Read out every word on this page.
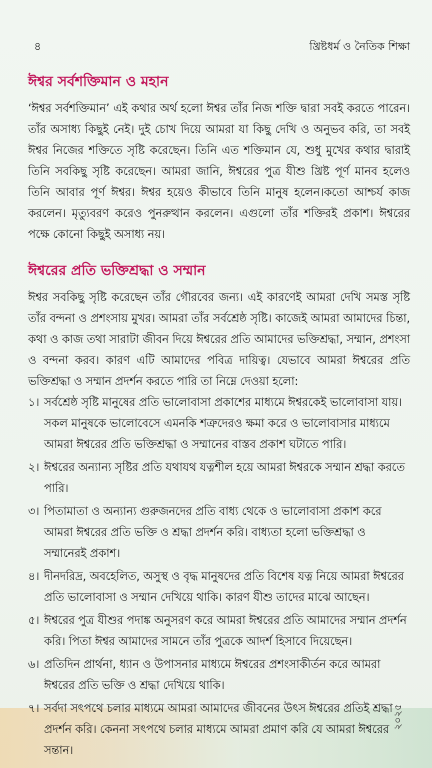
৪	খ্রিষ্টধর্ম ও নৈতিক শিক্ষা
ঈশ্বর সর্বশক্তিমান ও মহান

‘ঈশ্বর সর্বশক্তিমান’ এই কথার অর্থ হলো ঈশ্বর তাঁর নিজ শক্তি দ্বারা সবই করতে পারেন। তাঁর অসাধ্য কিছুই নেই। দুই চোখ দিয়ে আমরা যা কিছু দেখি ও অনুভব করি, তা সবই ঈশ্বর নিজের শক্তিতে সৃষ্টি করেছেন। তিনি এত শক্তিমান যে, শুধু মুখের কথার দ্বারাই তিনি সবকিছু সৃষ্টি করেছেন। আমরা জানি, ঈশ্বরের পুত্র যীশু খ্রিষ্ট পূর্ণ মানব হলেও তিনি আবার পূর্ণ ঈশ্বর। ঈশ্বর হয়েও কীভাবে তিনি মানুষ হলেন।কতো আশ্চর্য কাজ করলেন। মৃত্যুবরণ করেও পুনরুত্থান করলেন। এগুলো তাঁর শক্তিরই প্রকাশ। ঈশ্বরের পক্ষে কোনো কিছুই অসাধ্য নয়।

ঈশ্বরের প্রতি ভক্তিশ্রদ্ধা ও সম্মান

ঈশ্বর সবকিছু সৃষ্টি করেছেন তাঁর গৌরবের জন্য। এই কারণেই আমরা দেখি সমস্ত সৃষ্টি তাঁর বন্দনা ও প্রশংসায় মুখর। আমরা তাঁর সর্বশ্রেষ্ঠ সৃষ্টি। কাজেই আমরা আমাদের চিন্তা, কথা ও কাজ তথা সারাটা জীবন দিয়ে ঈশ্বরের প্রতি আমাদের ভক্তিশ্রদ্ধা, সম্মান, প্রশংসা ও বন্দনা করব। কারণ এটি আমাদের পবিত্র দায়িত্ব। যেভাবে আমরা ঈশ্বরের প্রতি ভক্তিশ্রদ্ধা ও সম্মান প্রদর্শন করতে পারি তা নিম্নে দেওয়া হলো:

১। সর্বশ্রেষ্ঠ সৃষ্টি মানুষের প্রতি ভালোবাসা প্রকাশের মাধ্যমে ঈশ্বরকেই ভালোবাসা যায়। সকল মানুষকে ভালোবেসে এমনকি শত্রুদেরও ক্ষমা করে ও ভালোবাসার মাধ্যমে আমরা ঈশ্বরের প্রতি ভক্তিশ্রদ্ধা ও সম্মানের বাস্তব প্রকাশ ঘটাতে পারি।
২। ঈশ্বরের অন্যান্য সৃষ্টির প্রতি যথাযথ যত্নশীল হয়ে আমরা ঈশ্বরকে সম্মান শ্রদ্ধা করতে পারি।
৩। পিতামাতা ও অন্যান্য গুরুজনদের প্রতি বাধ্য থেকে ও ভালোবাসা প্রকাশ করে আমরা ঈশ্বরের প্রতি ভক্তি ও শ্রদ্ধা প্রদর্শন করি। বাধ্যতা হলো ভক্তিশ্রদ্ধা ও সম্মানেরই প্রকাশ।
৪। দীনদরিদ্র, অবহেলিত, অসুস্থ ও বৃদ্ধ মানুষদের প্রতি বিশেষ যত্ন নিয়ে আমরা ঈশ্বরের প্রতি ভালোবাসা ও সম্মান দেখিয়ে থাকি। কারণ যীশু তাদের মাঝে আছেন।
৫। ঈশ্বরের পুত্র যীশুর পদাঙ্ক অনুসরণ করে আমরা ঈশ্বরের প্রতি আমাদের সম্মান প্রদর্শন করি। পিতা ঈশ্বর আমাদের সামনে তাঁর পুত্রকে আদর্শ হিসাবে দিয়েছেন।
৬। প্রতিদিন প্রার্থনা, ধ্যান ও উপাসনার মাধ্যমে ঈশ্বরের প্রশংসাকীর্তন করে আমরা ঈশ্বরের প্রতি ভক্তি ও শ্রদ্ধা দেখিয়ে থাকি।
৭। সর্বদা সৎপথে চলার মাধ্যমে আমরা আমাদের জীবনের উৎস ঈশ্বরের প্রতিই শ্রদ্ধা প্রদর্শন করি। কেননা সৎপথে চলার মাধ্যমে আমরা প্রমাণ করি যে আমরা ঈশ্বরের সন্তান।
২০২৫
